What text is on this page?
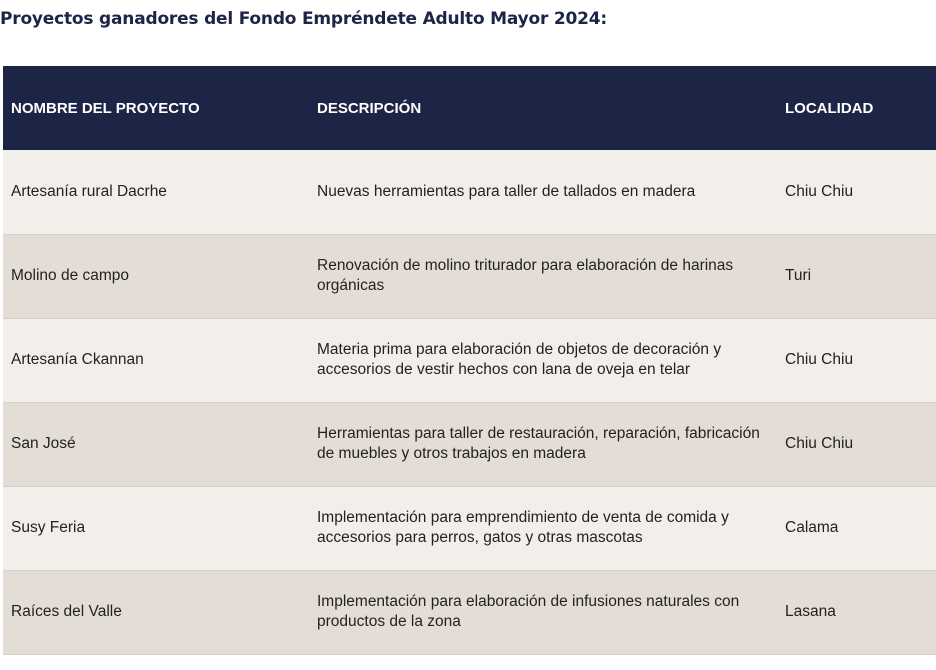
Proyectos ganadores del Fondo Empréndete Adulto Mayor 2024:
NOMBRE DEL PROYECTO	DESCRIPCIÓN	LOCALIDAD
Artesanía rural Dacrhe	Nuevas herramientas para taller de tallados en madera	Chiu Chiu
Molino de campo	Renovación de molino triturador para elaboración de harinas orgánicas	Turi
Artesanía Ckannan	Materia prima para elaboración de objetos de decoración y accesorios de vestir hechos con lana de oveja en telar	Chiu Chiu
San José	Herramientas para taller de restauración, reparación, fabricación de muebles y otros trabajos en madera	Chiu Chiu
Susy Feria	Implementación para emprendimiento de venta de comida y accesorios para perros, gatos y otras mascotas	Calama
Raíces del Valle	Implementación para elaboración de infusiones naturales con productos de la zona	Lasana
